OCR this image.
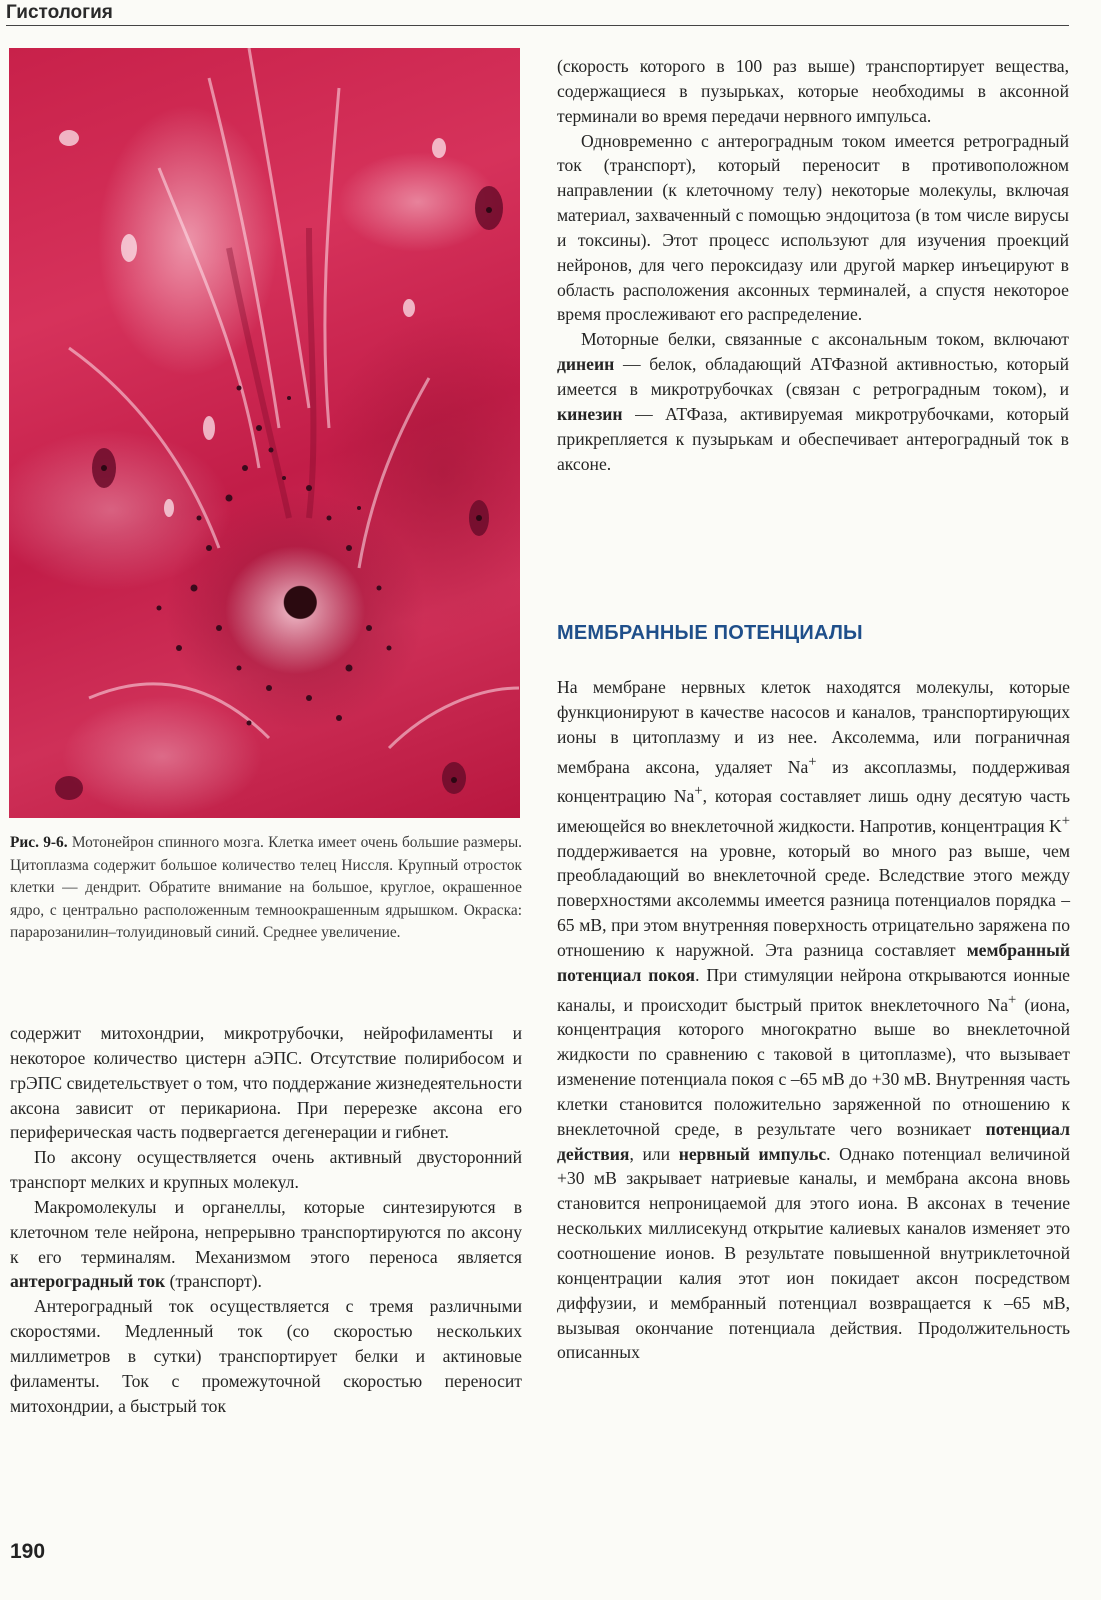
Гистология
Рис. 9-6. Мотонейрон спинного мозга. Клетка имеет очень большие размеры. Цитоплазма содержит большое количество телец Ниссля. Крупный отросток клетки — дендрит. Обратите внимание на большое, круглое, окрашенное ядро, с центрально расположенным темноокрашенным ядрышком. Окраска: парарозанилин–толуидиновый синий. Среднее увеличение.

содержит митохондрии, микротрубочки, нейрофиламенты и некоторое количество цистерн аЭПС. Отсутствие полирибосом и грЭПС свидетельствует о том, что поддержание жизнедеятельности аксона зависит от перикариона. При перерезке аксона его периферическая часть подвергается дегенерации и гибнет.

По аксону осуществляется очень активный двусторонний транспорт мелких и крупных молекул.

Макромолекулы и органеллы, которые синтезируются в клеточном теле нейрона, непрерывно транспортируются по аксону к его терминалям. Механизмом этого переноса является антероградный ток (транспорт).

Антероградный ток осуществляется с тремя различными скоростями. Медленный ток (со скоростью нескольких миллиметров в сутки) транспортирует белки и актиновые филаменты. Ток с промежуточной скоростью переносит митохондрии, а быстрый ток

(скорость которого в 100 раз выше) транспортирует вещества, содержащиеся в пузырьках, которые необходимы в аксонной терминали во время передачи нервного импульса.

Одновременно с антероградным током имеется ретроградный ток (транспорт), который переносит в противоположном направлении (к клеточному телу) некоторые молекулы, включая материал, захваченный с помощью эндоцитоза (в том числе вирусы и токсины). Этот процесс используют для изучения проекций нейронов, для чего пероксидазу или другой маркер инъецируют в область расположения аксонных терминалей, а спустя некоторое время прослеживают его распределение.

Моторные белки, связанные с аксональным током, включают динеин — белок, обладающий АТФазной активностью, который имеется в микротрубочках (связан с ретроградным током), и кинезин — АТФаза, активируемая микротрубочками, который прикрепляется к пузырькам и обеспечивает антероградный ток в аксоне.

МЕМБРАННЫЕ ПОТЕНЦИАЛЫ

На мембране нервных клеток находятся молекулы, которые функционируют в качестве насосов и каналов, транспортирующих ионы в цитоплазму и из нее. Аксолемма, или пограничная мембрана аксона, удаляет Na+ из аксоплазмы, поддерживая концентрацию Na+, которая составляет лишь одну десятую часть имеющейся во внеклеточной жидкости. Напротив, концентрация K+ поддерживается на уровне, который во много раз выше, чем преобладающий во внеклеточной среде. Вследствие этого между поверхностями аксолеммы имеется разница потенциалов порядка –65 мВ, при этом внутренняя поверхность отрицательно заряжена по отношению к наружной. Эта разница составляет мембранный потенциал покоя. При стимуляции нейрона открываются ионные каналы, и происходит быстрый приток внеклеточного Na+ (иона, концентрация которого многократно выше во внеклеточной жидкости по сравнению с таковой в цитоплазме), что вызывает изменение потенциала покоя с –65 мВ до +30 мВ. Внутренняя часть клетки становится положительно заряженной по отношению к внеклеточной среде, в результате чего возникает потенциал действия, или нервный импульс. Однако потенциал величиной +30 мВ закрывает натриевые каналы, и мембрана аксона вновь становится непроницаемой для этого иона. В аксонах в течение нескольких миллисекунд открытие калиевых каналов изменяет это соотношение ионов. В результате повышенной внутриклеточной концентрации калия этот ион покидает аксон посредством диффузии, и мембранный потенциал возвращается к –65 мВ, вызывая окончание потенциала действия. Продолжительность описанных

190
